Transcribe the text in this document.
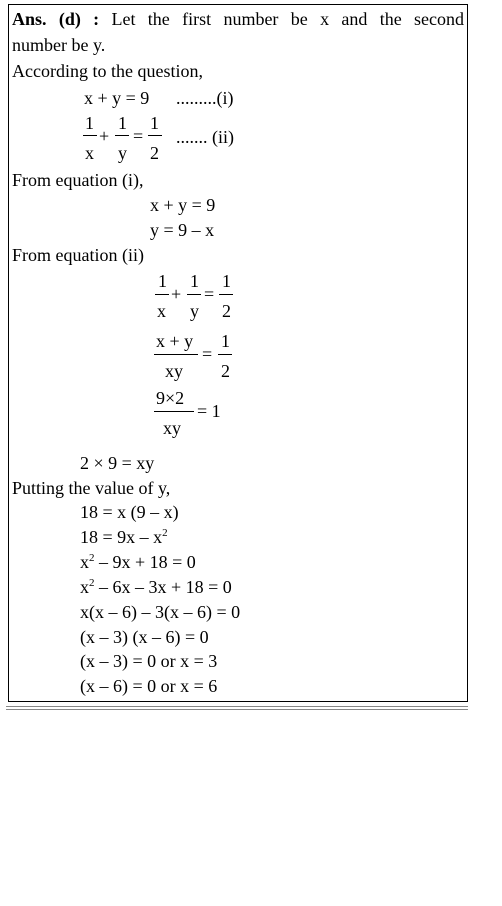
Ans. (d) : Let the first number be x and the second
number be y.
According to the question,
x + y = 9 .........(i)
1
x
+
1
y
=
1
2
....... (ii)
From equation (i),
x + y = 9
y = 9 – x
From equation (ii)
1
x
+
1
y
=
1
2
x + y
xy
=
1
2
9×2
xy
= 1
2 × 9 = xy
Putting the value of y,
18 = x (9 – x)
$18 = 9x - x^2$
$x^2 - 9x + 18 = 0$
$x^2 - 6x - 3x + 18 = 0$
x(x – 6) – 3(x – 6) = 0
(x – 3) (x – 6) = 0
(x – 3) = 0 or x = 3
(x – 6) = 0 or x = 6
